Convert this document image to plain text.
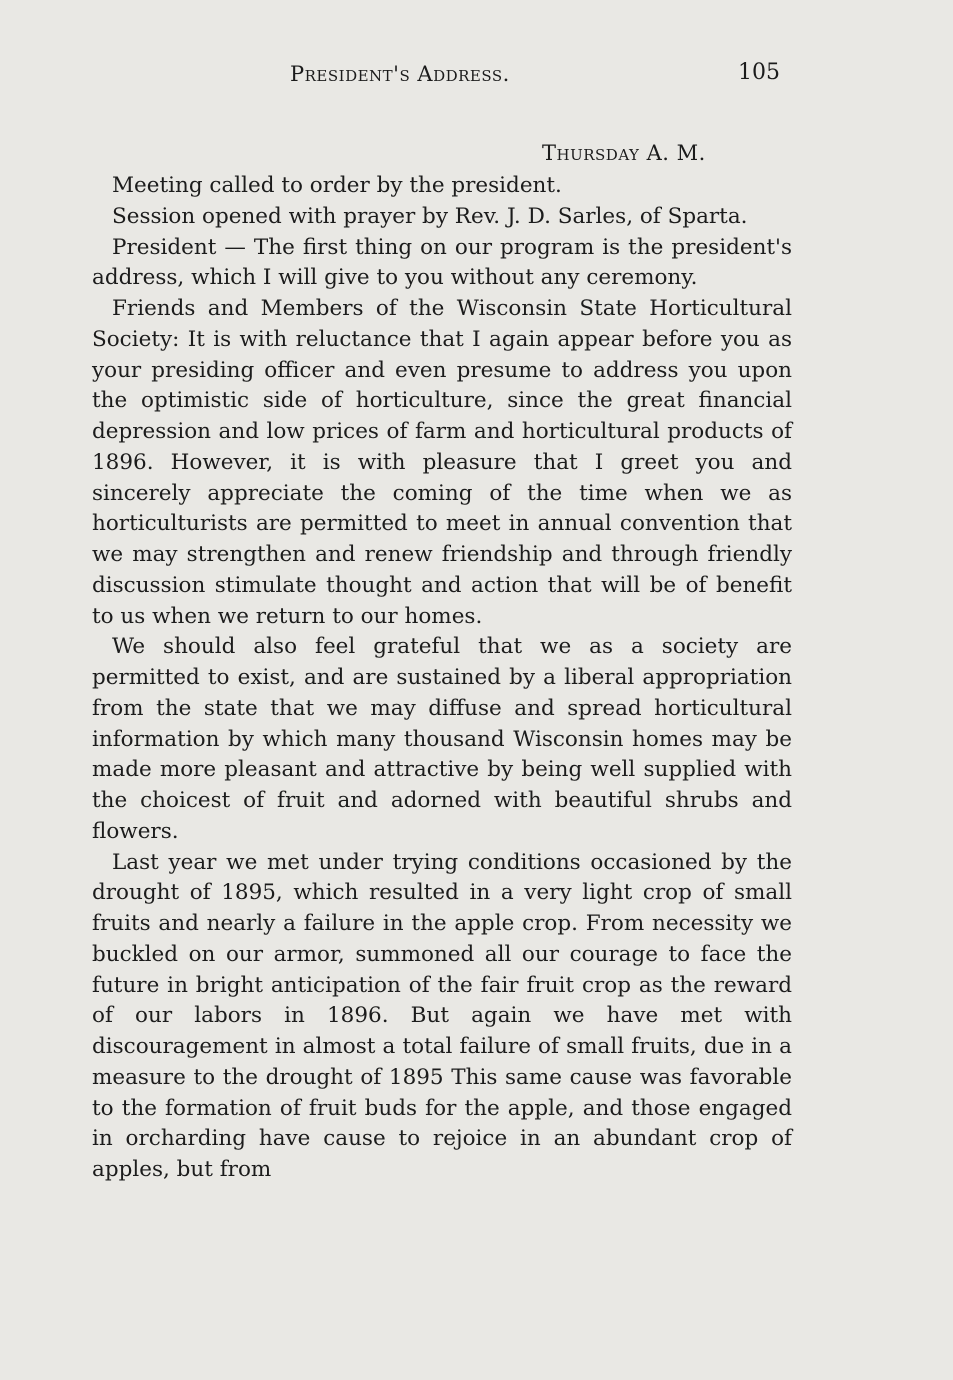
President's Address.	105
Thursday A. M.

Meeting called to order by the president.

Session opened with prayer by Rev. J. D. Sarles, of Sparta.

President — The first thing on our program is the president's address, which I will give to you without any ceremony.

Friends and Members of the Wisconsin State Horticultural Society: It is with reluctance that I again appear before you as your presiding officer and even presume to address you upon the optimistic side of horticulture, since the great financial depression and low prices of farm and horticultural products of 1896. However, it is with pleasure that I greet you and sincerely appreciate the coming of the time when we as horticulturists are permitted to meet in annual convention that we may strengthen and renew friendship and through friendly discussion stimulate thought and action that will be of benefit to us when we return to our homes.

We should also feel grateful that we as a society are permitted to exist, and are sustained by a liberal appropriation from the state that we may diffuse and spread horticultural information by which many thousand Wisconsin homes may be made more pleasant and attractive by being well supplied with the choicest of fruit and adorned with beautiful shrubs and flowers.

Last year we met under trying conditions occasioned by the drought of 1895, which resulted in a very light crop of small fruits and nearly a failure in the apple crop. From necessity we buckled on our armor, summoned all our courage to face the future in bright anticipation of the fair fruit crop as the reward of our labors in 1896. But again we have met with discouragement in almost a total failure of small fruits, due in a measure to the drought of 1895 This same cause was favorable to the formation of fruit buds for the apple, and those engaged in orcharding have cause to rejoice in an abundant crop of apples, but from
